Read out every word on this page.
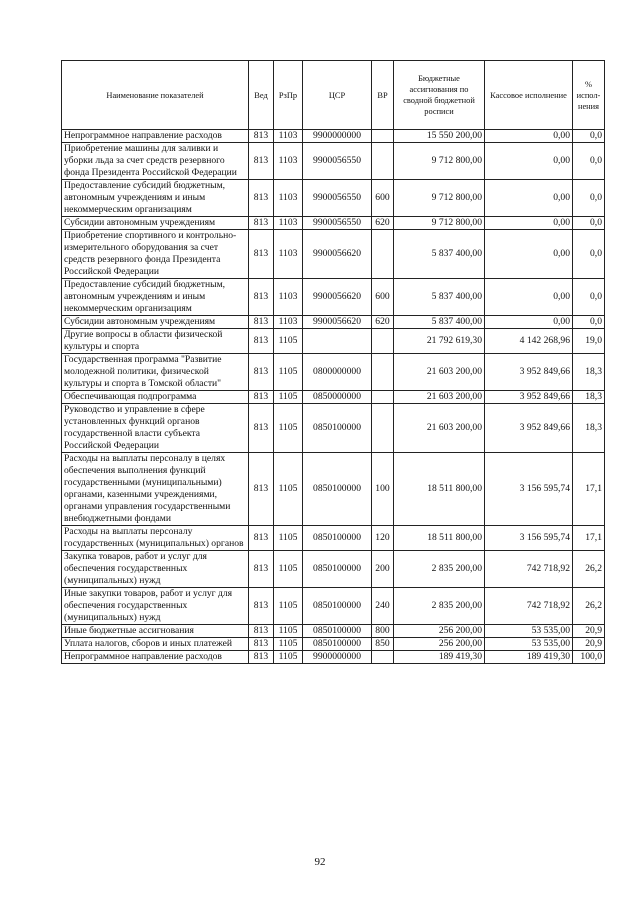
Наименование показателей	Вед	РзПр	ЦСР	ВР	Бюджетные ассигнования по сводной бюджетной росписи	Кассовое исполнение	% испол-нения
Непрограммное направление расходов	813	1103	9900000000		15 550 200,00	0,00	0,0
Приобретение машины для заливки и уборки льда за счет средств резервного фонда Президента Российской Федерации	813	1103	9900056550		9 712 800,00	0,00	0,0
Предоставление субсидий бюджетным, автономным учреждениям и иным некоммерческим организациям	813	1103	9900056550	600	9 712 800,00	0,00	0,0
Субсидии автономным учреждениям	813	1103	9900056550	620	9 712 800,00	0,00	0,0
Приобретение спортивного и контрольно-измерительного оборудования за счет средств резервного фонда Президента Российской Федерации	813	1103	9900056620		5 837 400,00	0,00	0,0
Предоставление субсидий бюджетным, автономным учреждениям и иным некоммерческим организациям	813	1103	9900056620	600	5 837 400,00	0,00	0,0
Субсидии автономным учреждениям	813	1103	9900056620	620	5 837 400,00	0,00	0,0
Другие вопросы в области физической культуры и спорта	813	1105			21 792 619,30	4 142 268,96	19,0
Государственная программа "Развитие молодежной политики, физической культуры и спорта в Томской области"	813	1105	0800000000		21 603 200,00	3 952 849,66	18,3
Обеспечивающая подпрограмма	813	1105	0850000000		21 603 200,00	3 952 849,66	18,3
Руководство и управление в сфере установленных функций органов государственной власти субъекта Российской Федерации	813	1105	0850100000		21 603 200,00	3 952 849,66	18,3
Расходы на выплаты персоналу в целях обеспечения выполнения функций государственными (муниципальными) органами, казенными учреждениями, органами управления государственными внебюджетными фондами	813	1105	0850100000	100	18 511 800,00	3 156 595,74	17,1
Расходы на выплаты персоналу государственных (муниципальных) органов	813	1105	0850100000	120	18 511 800,00	3 156 595,74	17,1
Закупка товаров, работ и услуг для обеспечения государственных (муниципальных) нужд	813	1105	0850100000	200	2 835 200,00	742 718,92	26,2
Иные закупки товаров, работ и услуг для обеспечения государственных (муниципальных) нужд	813	1105	0850100000	240	2 835 200,00	742 718,92	26,2
Иные бюджетные ассигнования	813	1105	0850100000	800	256 200,00	53 535,00	20,9
Уплата налогов, сборов и иных платежей	813	1105	0850100000	850	256 200,00	53 535,00	20,9
Непрограммное направление расходов	813	1105	9900000000		189 419,30	189 419,30	100,0
92
